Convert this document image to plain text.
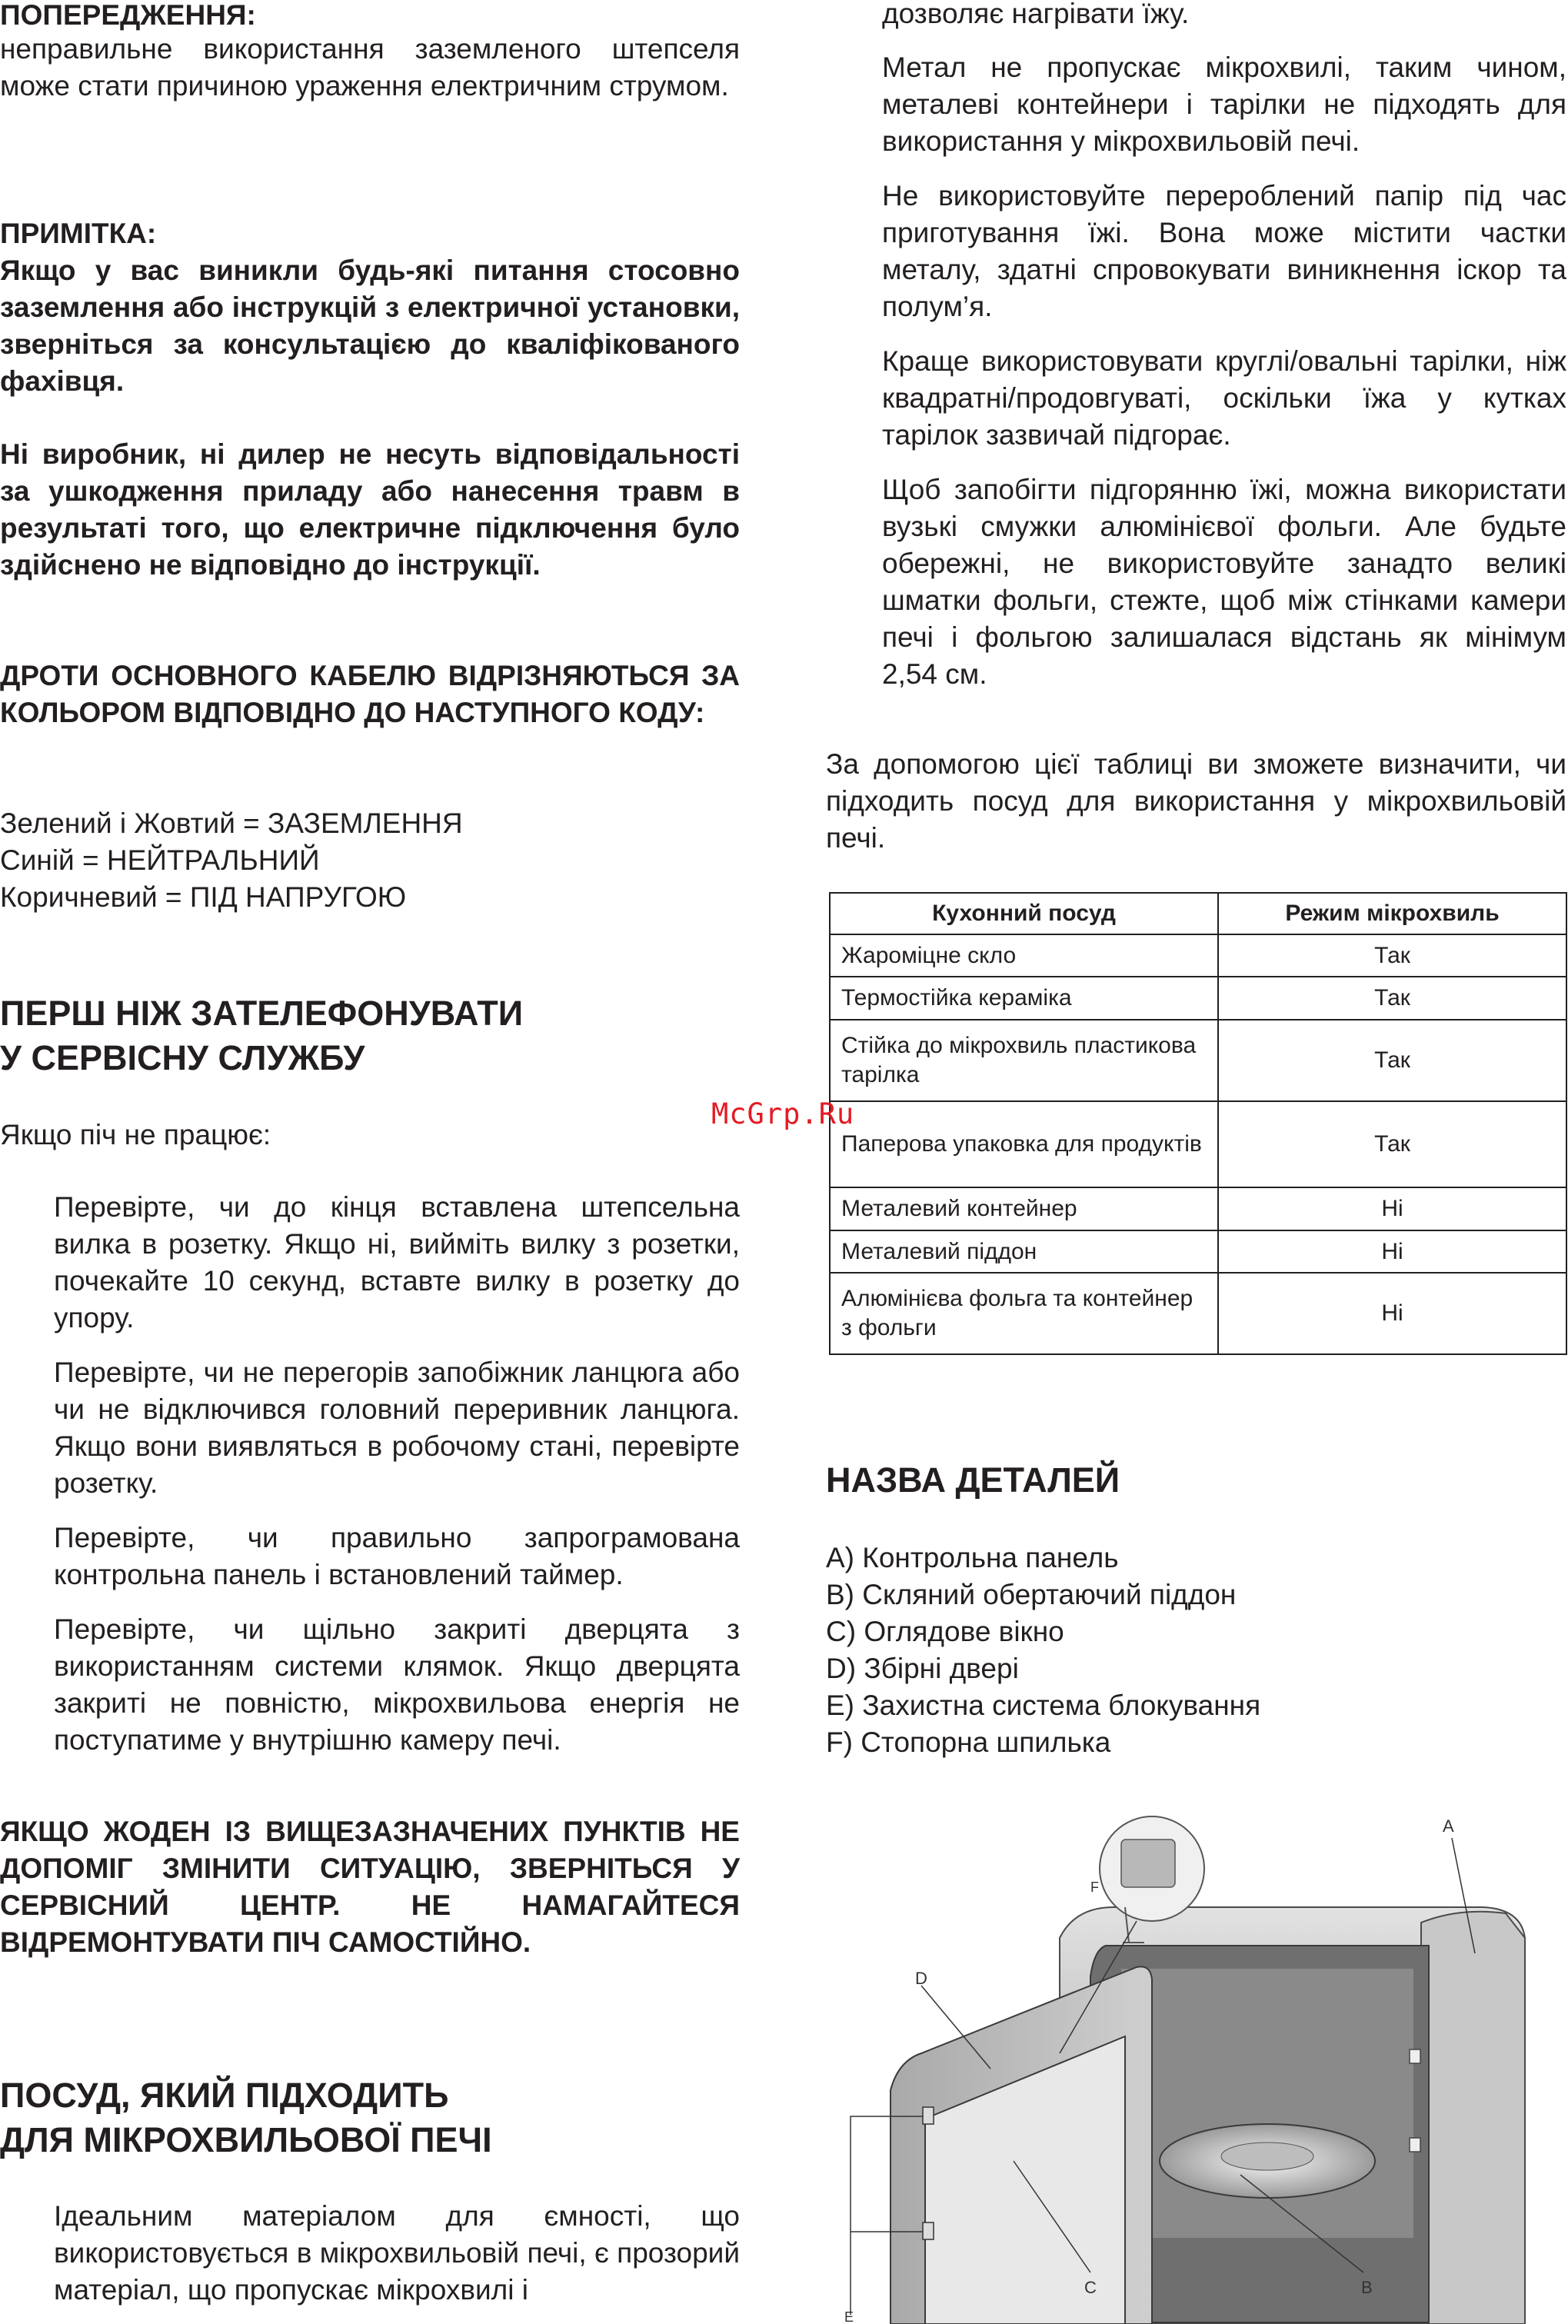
ПОПЕРЕДЖЕННЯ:

неправильне використання заземленого штепселя може стати причиною ураження електричним струмом.

ПРИМІТКА:

Якщо у вас виникли будь-які питання стосовно заземлення або інструкцій з електричної установки, зверніться за консультацією до кваліфікованого фахівця.

Ні виробник, ні дилер не несуть відповідальності за ушкодження приладу або нанесення травм в результаті того, що електричне підключення було здійснено не відповідно до інструкції.

ДРОТИ ОСНОВНОГО КАБЕЛЮ ВІДРІЗНЯЮТЬСЯ ЗА КОЛЬОРОМ ВІДПОВІДНО ДО НАСТУПНОГО КОДУ:

Зелений і Жовтий = ЗАЗЕМЛЕННЯ

Синій = НЕЙТРАЛЬНИЙ

Коричневий = ПІД НАПРУГОЮ

ПЕРШ НІЖ ЗАТЕЛЕФОНУВАТИ

У СЕРВІСНУ СЛУЖБУ

Якщо піч не працює:

Перевірте, чи до кінця вставлена штепсельна вилка в розетку. Якщо ні, вийміть вилку з розетки, почекайте 10 секунд, вставте вилку в розетку до упору.

Перевірте, чи не перегорів запобіжник ланцюга або чи не відключився головний переривник ланцюга. Якщо вони виявляться в робочому стані, перевірте розетку.

Перевірте, чи правильно запрограмована контрольна панель і встановлений таймер.

Перевірте, чи щільно закриті дверцята з використанням системи клямок. Якщо дверцята закриті не повністю, мікрохвильова енергія не поступатиме у внутрішню камеру печі.

ЯКЩО ЖОДЕН ІЗ ВИЩЕЗАЗНАЧЕНИХ ПУНКТІВ НЕ ДОПОМІГ ЗМІНИТИ СИТУАЦІЮ, ЗВЕРНІТЬСЯ У СЕРВІСНИЙ ЦЕНТР. НЕ НАМАГАЙТЕСЯ ВІДРЕМОНТУВАТИ ПІЧ САМОСТІЙНО.

ПОСУД, ЯКИЙ ПІДХОДИТЬ

ДЛЯ МІКРОХВИЛЬОВОЇ ПЕЧІ

Ідеальним матеріалом для ємності, що використовується в мікрохвильовій печі, є прозорий матеріал, що пропускає мікрохвилі і

дозволяє нагрівати їжу.

Метал не пропускає мікрохвилі, таким чином, металеві контейнери і тарілки не підходять для використання у мікрохвильовій печі.

Не використовуйте перероблений папір під час приготування їжі. Вона може містити частки металу, здатні спровокувати виникнення іскор та полум’я.

Краще використовувати круглі/овальні тарілки, ніж квадратні/продовгуваті, оскільки їжа у кутках тарілок зазвичай підгорає.

Щоб запобігти підгорянню їжі, можна використати вузькі смужки алюмінієвої фольги. Але будьте обережні, не використовуйте занадто великі шматки фольги, стежте, щоб між стінками камери печі і фольгою залишалася відстань як мінімум 2,54 см.

За допомогою цієї таблиці ви зможете визначити, чи підходить посуд для використання у мікрохвильовій печі.

НАЗВА ДЕТАЛЕЙ

A) Контрольна панель
B) Скляний обертаючий піддон
C) Оглядове вікно
D) Збірні двері
E) Захистна система блокування
F) Стопорна шпилька
Кухонний посуд	Режим мікрохвиль
Жароміцне скло	Так
Термостійка кераміка	Так
Стійка до мікрохвиль пластикова тарілка	Так
Паперова упаковка для продуктів	Так
Металевий контейнер	Ні
Металевий піддон	Ні
Алюмінієва фольга та контейнер з фольги	Ні
McGrp.Ru
A
B
C
D
E
F
